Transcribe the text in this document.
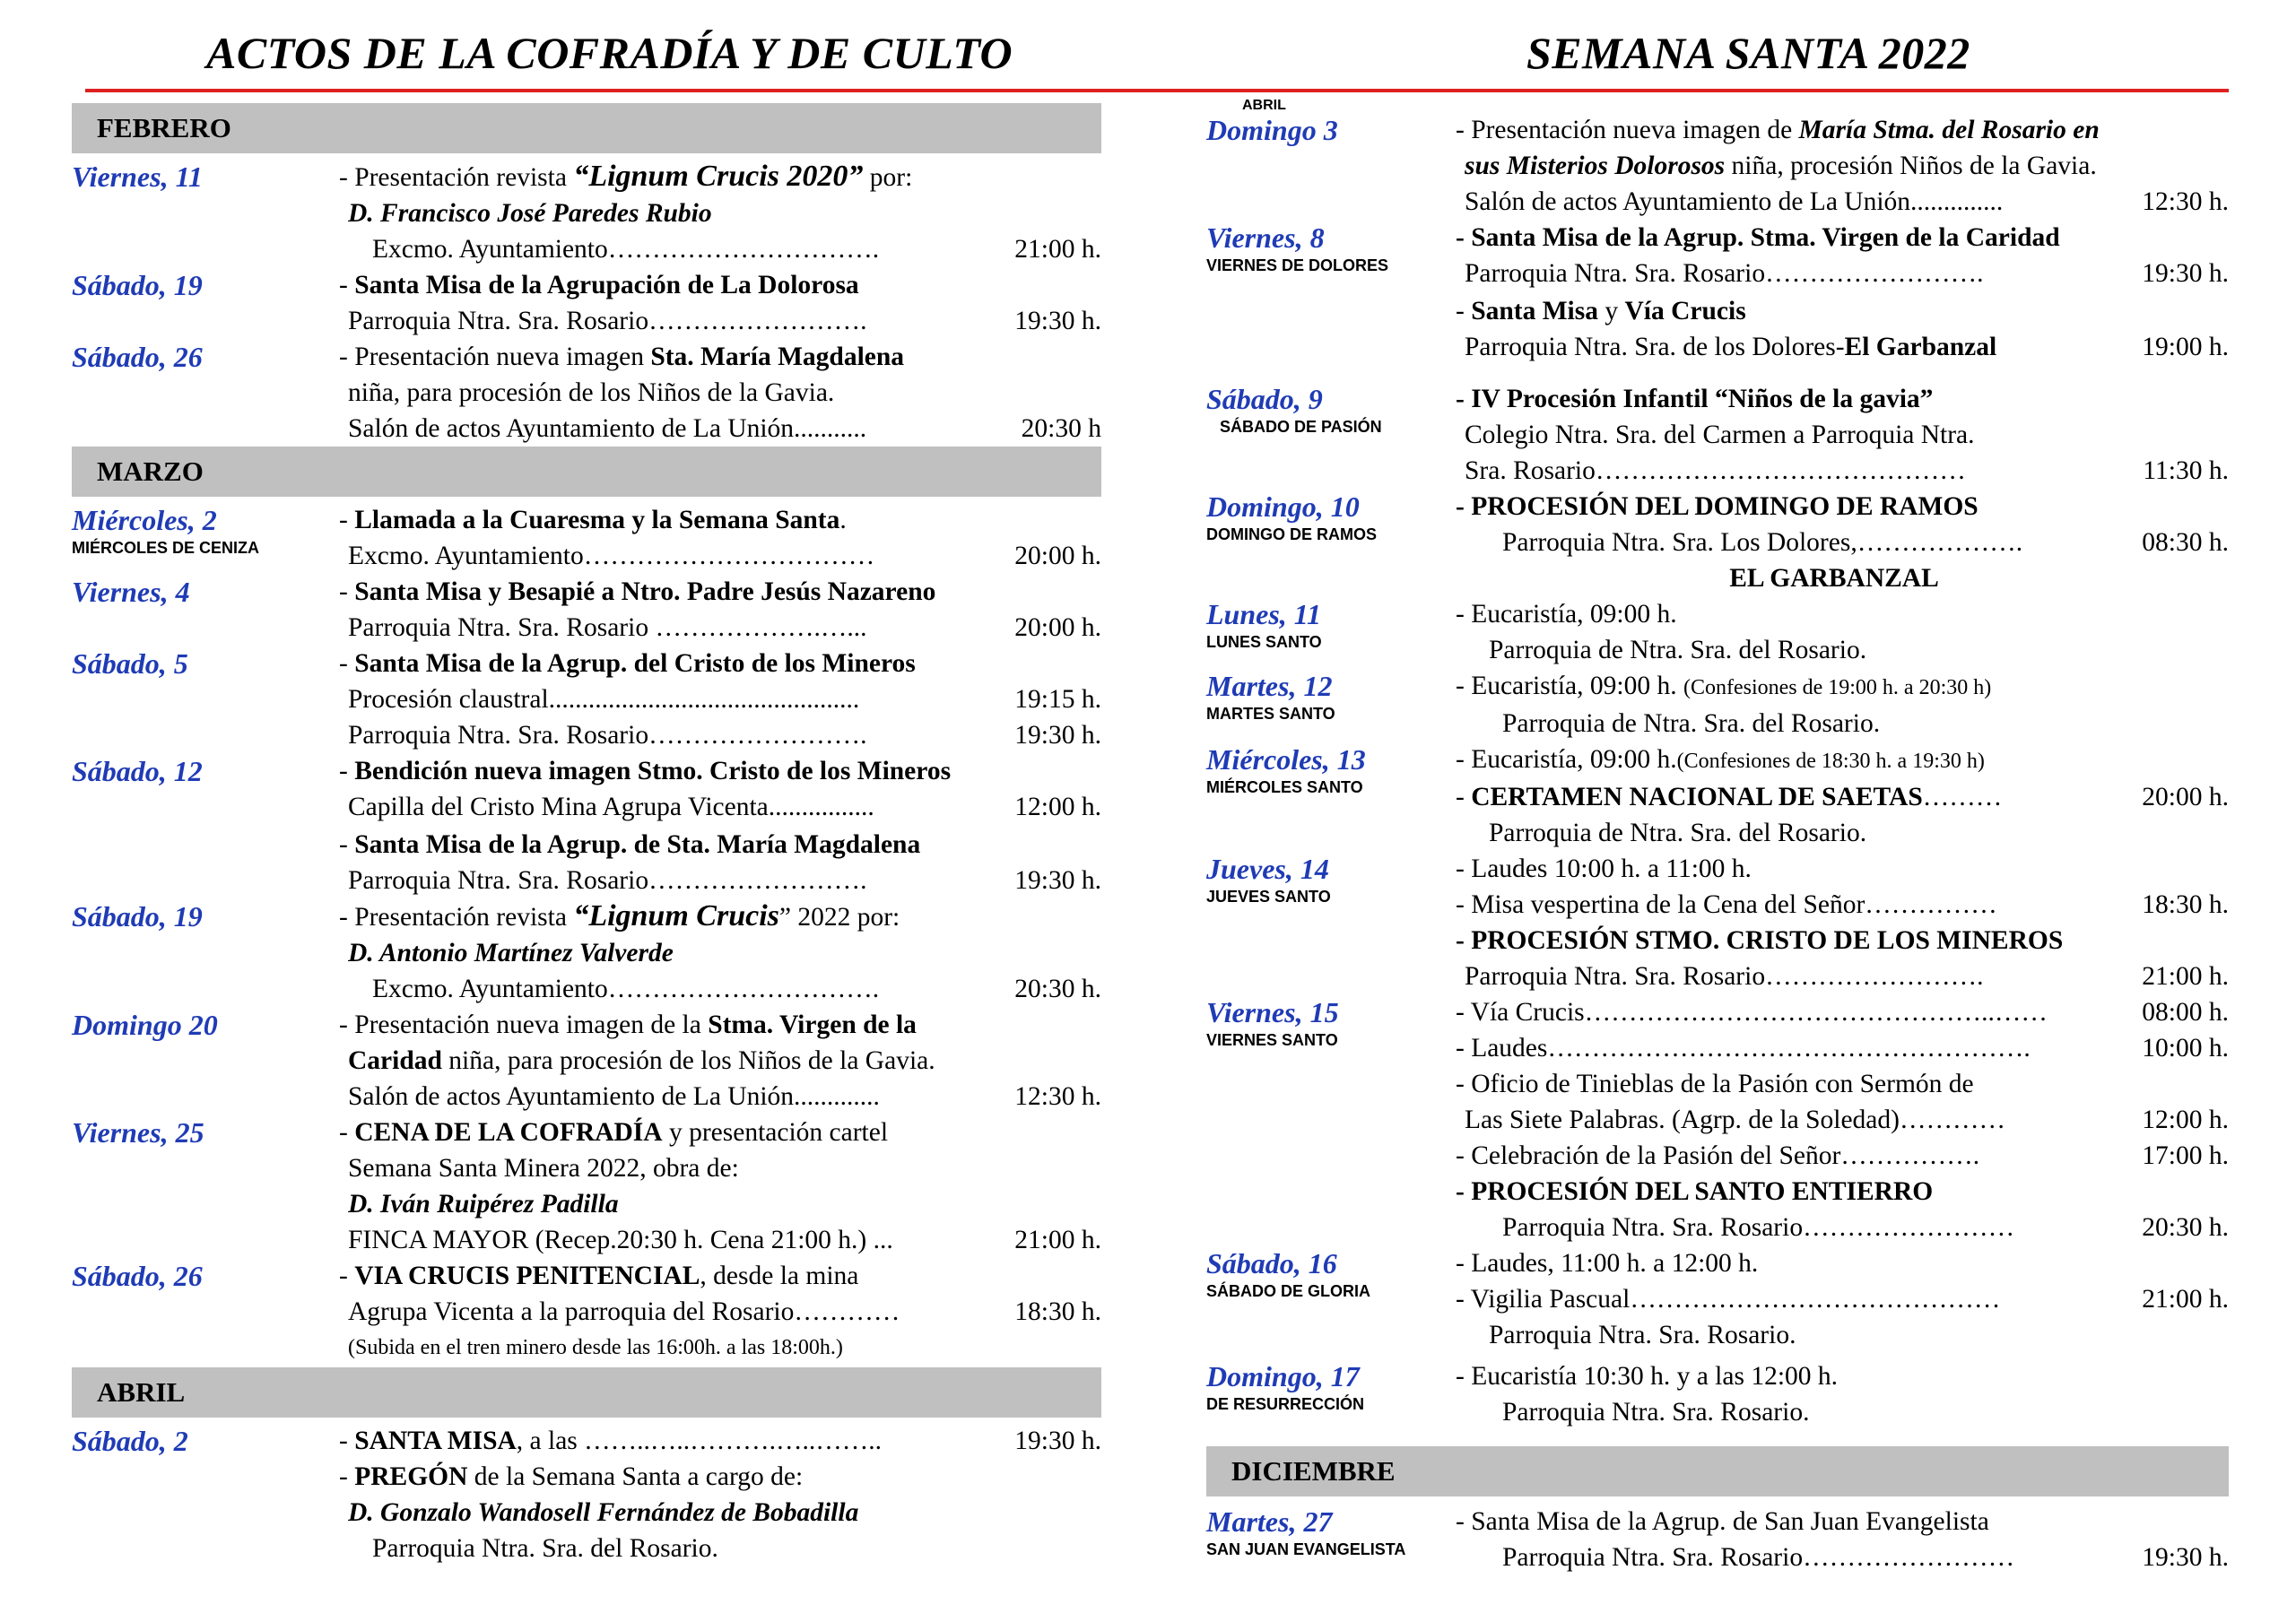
ACTOS DE LA COFRADÍA Y DE CULTO	SEMANA SANTA 2022
FEBRERO
Viernes, 11	- Presentación revista “Lignum Crucis 2020” por:
D. Francisco José Paredes Rubio
Excmo. Ayuntamiento………………………….	21:00 h.
Sábado, 19	- Santa Misa de la Agrupación de La Dolorosa
Parroquia Ntra. Sra. Rosario…………………….	19:30 h.
Sábado, 26	- Presentación nueva imagen Sta. María Magdalena
niña, para procesión de los Niños de la Gavia.
Salón de actos Ayuntamiento de La Unión...........	20:30 h
MARZO
Miércoles, 2
MIÉRCOLES DE CENIZA
- Llamada a la Cuaresma y la Semana Santa.
Excmo. Ayuntamiento……………………………	20:00 h.
Viernes, 4	- Santa Misa y Besapié a Ntro. Padre Jesús Nazareno
Parroquia Ntra. Sra. Rosario ……………….…...	20:00 h.
Sábado, 5	- Santa Misa de la Agrup. del Cristo de los Mineros
Procesión claustral...............................................	19:15 h.
Parroquia Ntra. Sra. Rosario…………………….	19:30 h.
Sábado, 12	- Bendición nueva imagen Stmo. Cristo de los Mineros
Capilla del Cristo Mina Agrupa Vicenta................	12:00 h.
- Santa Misa de la Agrup. de Sta. María Magdalena
Parroquia Ntra. Sra. Rosario…………………….	19:30 h.
Sábado, 19	- Presentación revista “Lignum Crucis” 2022 por:
D. Antonio Martínez Valverde
Excmo. Ayuntamiento………………………….	20:30 h.
Domingo 20	- Presentación nueva imagen de la Stma. Virgen de la
Caridad niña, para procesión de los Niños de la Gavia.
Salón de actos Ayuntamiento de La Unión.............	12:30 h.
Viernes, 25	- CENA DE LA COFRADÍA y presentación cartel
Semana Santa Minera 2022, obra de:
D. Iván Ruipérez Padilla
FINCA MAYOR (Recep.20:30 h. Cena 21:00 h.) ...	21:00 h.
Sábado, 26	- VIA CRUCIS PENITENCIAL, desde la mina
Agrupa Vicenta a la parroquia del Rosario…………	18:30 h.
(Subida en el tren minero desde las 16:00h. a las 18:00h.)
ABRIL
Sábado, 2	- SANTA MISA, a las ……..…..……….…..……..	19:30 h.
- PREGÓN de la Semana Santa a cargo de:
D. Gonzalo Wandosell Fernández de Bobadilla
Parroquia Ntra. Sra. del Rosario.
ABRIL
Domingo 3	- Presentación nueva imagen de María Stma. del Rosario en
sus Misterios Dolorosos niña, procesión Niños de la Gavia.
Salón de actos Ayuntamiento de La Unión..............	12:30 h.
Viernes, 8
VIERNES DE DOLORES
- Santa Misa de la Agrup. Stma. Virgen de la Caridad
Parroquia Ntra. Sra. Rosario…………………….	19:30 h.
- Santa Misa y Vía Crucis
Parroquia Ntra. Sra. de los Dolores-El Garbanzal	19:00 h.
Sábado, 9
SÁBADO DE PASIÓN
- IV Procesión Infantil “Niños de la gavia”
Colegio Ntra. Sra. del Carmen a Parroquia Ntra.
Sra. Rosario……………………………………	11:30 h.
Domingo, 10
DOMINGO DE RAMOS
- PROCESIÓN DEL DOMINGO DE RAMOS
Parroquia Ntra. Sra. Los Dolores,……………….	08:30 h.
EL GARBANZAL
Lunes, 11
LUNES SANTO
- Eucaristía, 09:00 h.
Parroquia de Ntra. Sra. del Rosario.
Martes, 12
MARTES SANTO
- Eucaristía, 09:00 h. (Confesiones de 19:00 h. a 20:30 h)
Parroquia de Ntra. Sra. del Rosario.
Miércoles, 13
MIÉRCOLES SANTO
- Eucaristía, 09:00 h.(Confesiones de 18:30 h. a 19:30 h)
- CERTAMEN NACIONAL DE SAETAS………	20:00 h.
Parroquia de Ntra. Sra. del Rosario.
Jueves, 14
JUEVES SANTO
- Laudes 10:00 h. a 11:00 h.
- Misa vespertina de la Cena del Señor……………	18:30 h.
- PROCESIÓN STMO. CRISTO DE LOS MINEROS
Parroquia Ntra. Sra. Rosario…………………….	21:00 h.
Viernes, 15
VIERNES SANTO
- Vía Crucis………………………………………..……	08:00 h.
- Laudes……………………………………………….	10:00 h.
- Oficio de Tinieblas de la Pasión con Sermón de
Las Siete Palabras. (Agrp. de la Soledad)…………	12:00 h.
- Celebración de la Pasión del Señor…………….	17:00 h.
- PROCESIÓN DEL SANTO ENTIERRO
Parroquia Ntra. Sra. Rosario……………………	20:30 h.
Sábado, 16
SÁBADO DE GLORIA
- Laudes, 11:00 h. a 12:00 h.
- Vigilia Pascual……………………………………	21:00 h.
Parroquia Ntra. Sra. Rosario.
Domingo, 17
DE RESURRECCIÓN
- Eucaristía 10:30 h. y a las 12:00 h.
Parroquia Ntra. Sra. Rosario.
DICIEMBRE
Martes, 27
SAN JUAN EVANGELISTA
- Santa Misa de la Agrup. de San Juan Evangelista
Parroquia Ntra. Sra. Rosario……………………	19:30 h.
